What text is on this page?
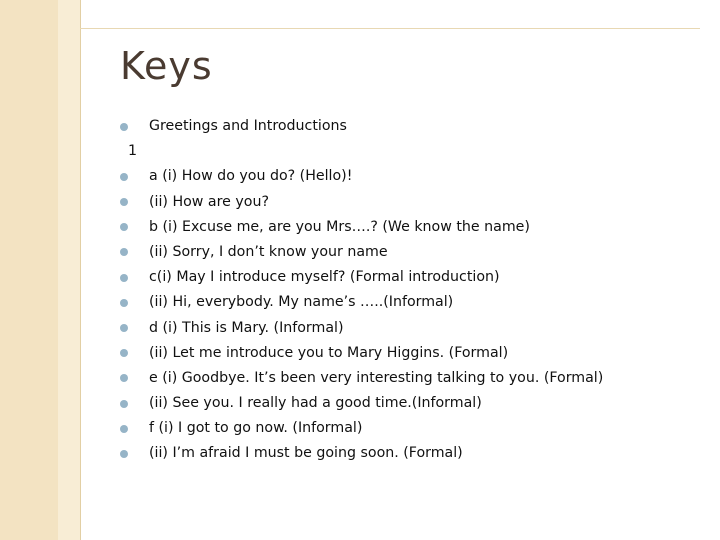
Keys
Greetings and Introductions
1
a (i) How do you do? (Hello)!
(ii) How are you?
b (i) Excuse me, are you Mrs….? (We know the name)
(ii) Sorry, I don’t know your name
c(i) May I introduce myself? (Formal introduction)
(ii) Hi, everybody. My name’s …..(Informal)
d (i) This is Mary. (Informal)
(ii) Let me introduce you to Mary Higgins. (Formal)
e (i) Goodbye. It’s been very interesting talking to you. (Formal)
(ii) See you. I really had a good time.(Informal)
f (i) I got to go now. (Informal)
(ii) I’m afraid I must be going soon. (Formal)
